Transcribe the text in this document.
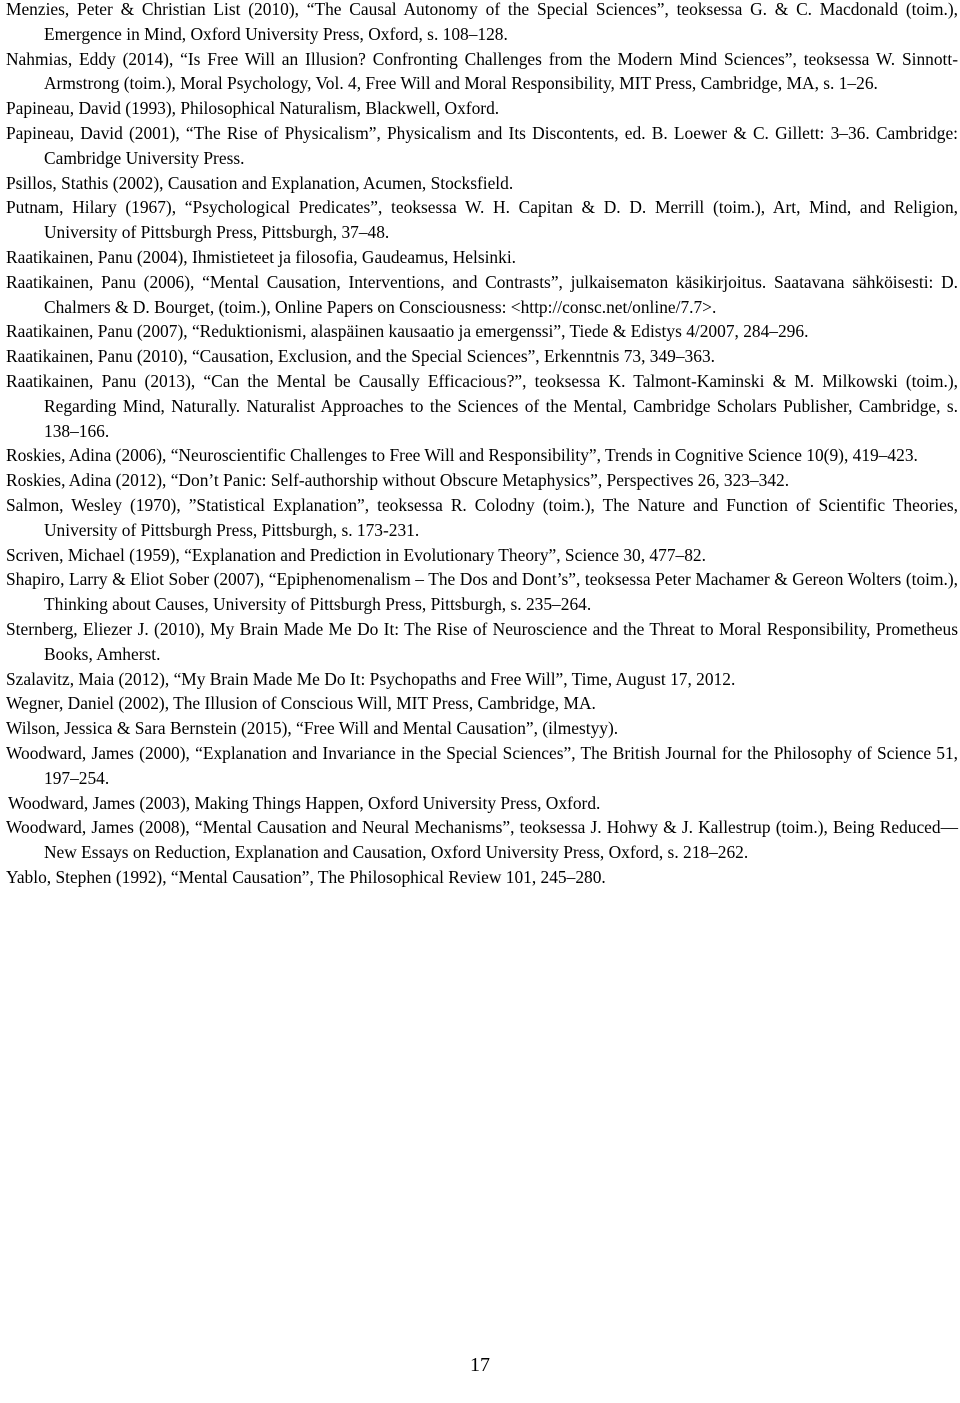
Menzies, Peter & Christian List (2010), “The Causal Autonomy of the Special Sciences”, teoksessa G. & C. Macdonald (toim.), Emergence in Mind, Oxford University Press, Oxford, s. 108–128.
Nahmias, Eddy (2014), “Is Free Will an Illusion? Confronting Challenges from the Modern Mind Sciences”, teoksessa W. Sinnott-Armstrong (toim.), Moral Psychology, Vol. 4, Free Will and Moral Responsibility, MIT Press, Cambridge, MA, s. 1–26.
Papineau, David (1993), Philosophical Naturalism, Blackwell, Oxford.
Papineau, David (2001), “The Rise of Physicalism”, Physicalism and Its Discontents, ed. B. Loewer & C. Gillett: 3–36. Cambridge: Cambridge University Press.
Psillos, Stathis (2002), Causation and Explanation, Acumen, Stocksfield.
Putnam, Hilary (1967), “Psychological Predicates”, teoksessa W. H. Capitan & D. D. Merrill (toim.), Art, Mind, and Religion, University of Pittsburgh Press, Pittsburgh, 37–48.
Raatikainen, Panu (2004), Ihmistieteet ja filosofia, Gaudeamus, Helsinki.
Raatikainen, Panu (2006), “Mental Causation, Interventions, and Contrasts”, julkaisematon käsikirjoitus. Saatavana sähköisesti: D. Chalmers & D. Bourget, (toim.), Online Papers on Consciousness: <http://consc.net/online/7.7>.
Raatikainen, Panu (2007), “Reduktionismi, alaspäinen kausaatio ja emergenssi”, Tiede & Edistys 4/2007, 284–296.
Raatikainen, Panu (2010), “Causation, Exclusion, and the Special Sciences”, Erkenntnis 73, 349–363.
Raatikainen, Panu (2013), “Can the Mental be Causally Efficacious?”, teoksessa K. Talmont-Kaminski & M. Milkowski (toim.), Regarding Mind, Naturally. Naturalist Approaches to the Sciences of the Mental, Cambridge Scholars Publisher, Cambridge, s. 138–166.
Roskies, Adina (2006), “Neuroscientific Challenges to Free Will and Responsibility”, Trends in Cognitive Science 10(9), 419–423.
Roskies, Adina (2012), “Don’t Panic: Self-authorship without Obscure Metaphysics”, Perspectives 26, 323–342.
Salmon, Wesley (1970), ”Statistical Explanation”, teoksessa R. Colodny (toim.), The Nature and Function of Scientific Theories, University of Pittsburgh Press, Pittsburgh, s. 173-231.
Scriven, Michael (1959), “Explanation and Prediction in Evolutionary Theory”, Science 30, 477–82.
Shapiro, Larry & Eliot Sober (2007), “Epiphenomenalism – The Dos and Dont’s”, teoksessa Peter Machamer & Gereon Wolters (toim.), Thinking about Causes, University of Pittsburgh Press, Pittsburgh, s. 235–264.
Sternberg, Eliezer J. (2010), My Brain Made Me Do It: The Rise of Neuroscience and the Threat to Moral Responsibility, Prometheus Books, Amherst.
Szalavitz, Maia (2012), “My Brain Made Me Do It: Psychopaths and Free Will”, Time, August 17, 2012.
Wegner, Daniel (2002), The Illusion of Conscious Will, MIT Press, Cambridge, MA.
Wilson, Jessica & Sara Bernstein (2015), “Free Will and Mental Causation”, (ilmestyy).
Woodward, James (2000), “Explanation and Invariance in the Special Sciences”, The British Journal for the Philosophy of Science 51, 197–254.
Woodward, James (2003), Making Things Happen, Oxford University Press, Oxford.
Woodward, James (2008), “Mental Causation and Neural Mechanisms”, teoksessa J. Hohwy & J. Kallestrup (toim.), Being Reduced—New Essays on Reduction, Explanation and Causation, Oxford University Press, Oxford, s. 218–262.
Yablo, Stephen (1992), “Mental Causation”, The Philosophical Review 101, 245–280.
17
